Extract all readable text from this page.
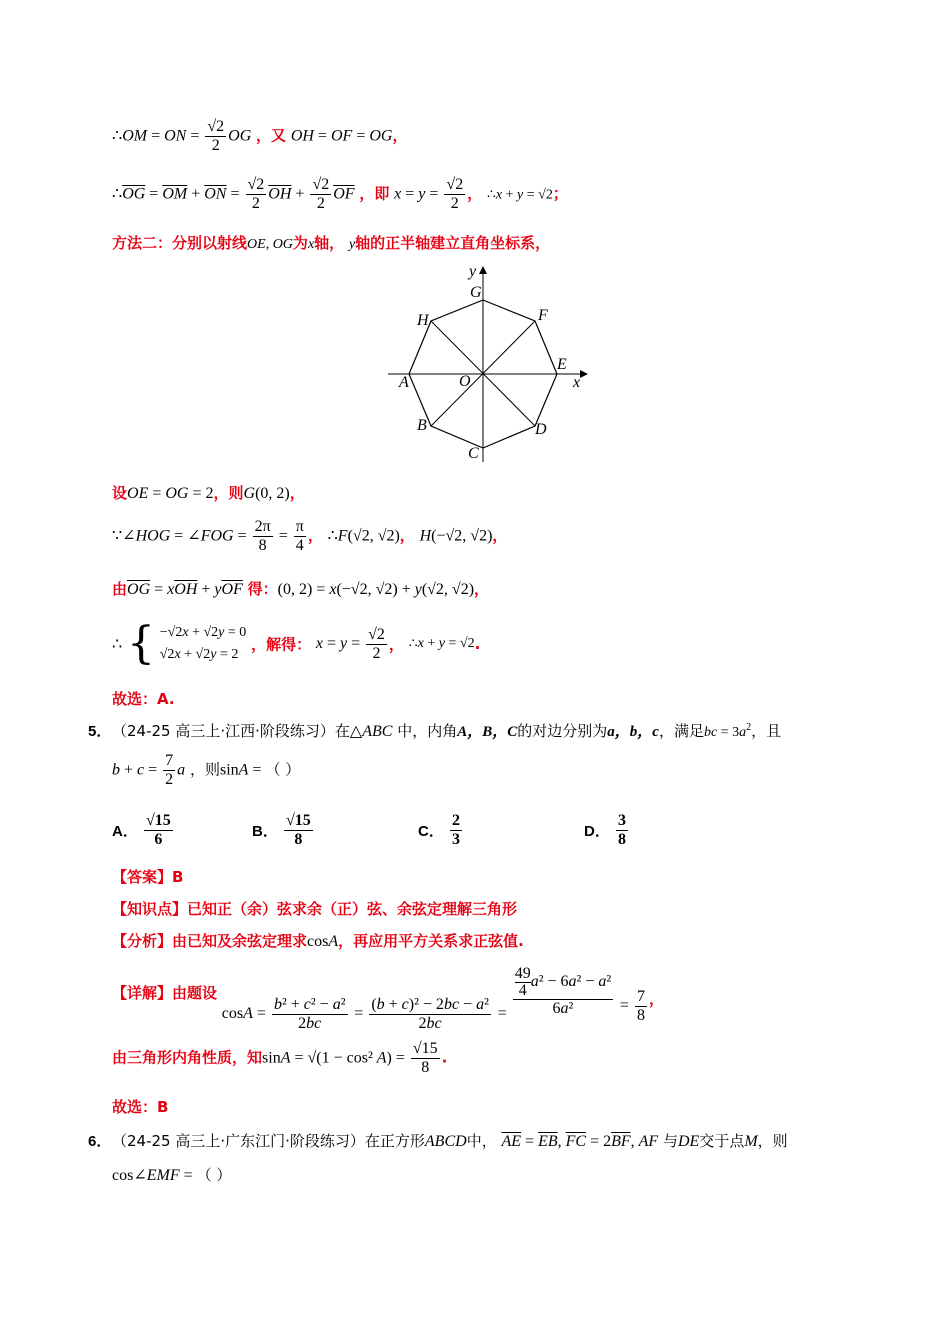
∴OM = ON = $\frac{√2}{2}$ OG ，又 OH = OF = OG，
$\therefore\overline{OG} = \overline{OM} + \overline{ON} = \frac{√2}{2} \overline{OH} + \frac{√2}{2} \overline{OF}$ ，即 $x = y = \frac{√2}{2}$ ， ∴x + y = √2；
方法二：分别以射线OE, OG为x轴， y轴的正半轴建立直角坐标系，
G
F
E
D
C
B
A
H
O	x
y
设OE = OG = 2，则G(0, 2)，
∵∠HOG = ∠FOG = $\frac{2\pi}{8} = \frac{\pi}{4}$ ， ∴F(√2, √2)， H(−√2, √2)，
由$\overline{OG} = x\overline{OH} + y\overline{OF}$ 得：(0, 2) = x(−√2, √2) + y(√2, √2)，
∴ { −√2x + √2y = 0
√2x + √2y = 2
，解得： $x = y = \frac{√2}{2}$ ， ∴x + y = √2.
故选：A.
5． （24-25 高三上·江西·阶段练习）在△ABC 中，内角A，B，C的对边分别为a，b，c，满足bc = $3a^2$，且
$b + c = \frac{7}{2}$ a ，则sinA = （ ）
A． $\frac{√15}{6}$	B． $\frac{√15}{8}$	C． $\frac{2}{3}$	D． $\frac{3}{8}$
【答案】B
【知识点】已知正（余）弦求余（正）弦、余弦定理解三角形
【分析】由已知及余弦定理求cosA，再应用平方关系求正弦值.
【详解】由题设 $\cos A = \frac{\text{b² + c² − a²}}{2bc} = \frac{\text{(b + c)² − 2bc − a²}}{2bc} = \frac{\frac{49}{4} a^2 - 6a^2 - a^2}{\text{6a²}} = \frac{7}{8}$ ，
由三角形内角性质，知sinA = √(1 − cos² $A) = \frac{√15}{8}$ .
故选：B
6． （24-25 高三上·广东江门·阶段练习）在正方形ABCD中， $\overline{AE} = \overline{EB}$, $\overline{FC} = 2\overline{BF}$, AF 与DE交于点M，则
cos∠EMF = （ ）
